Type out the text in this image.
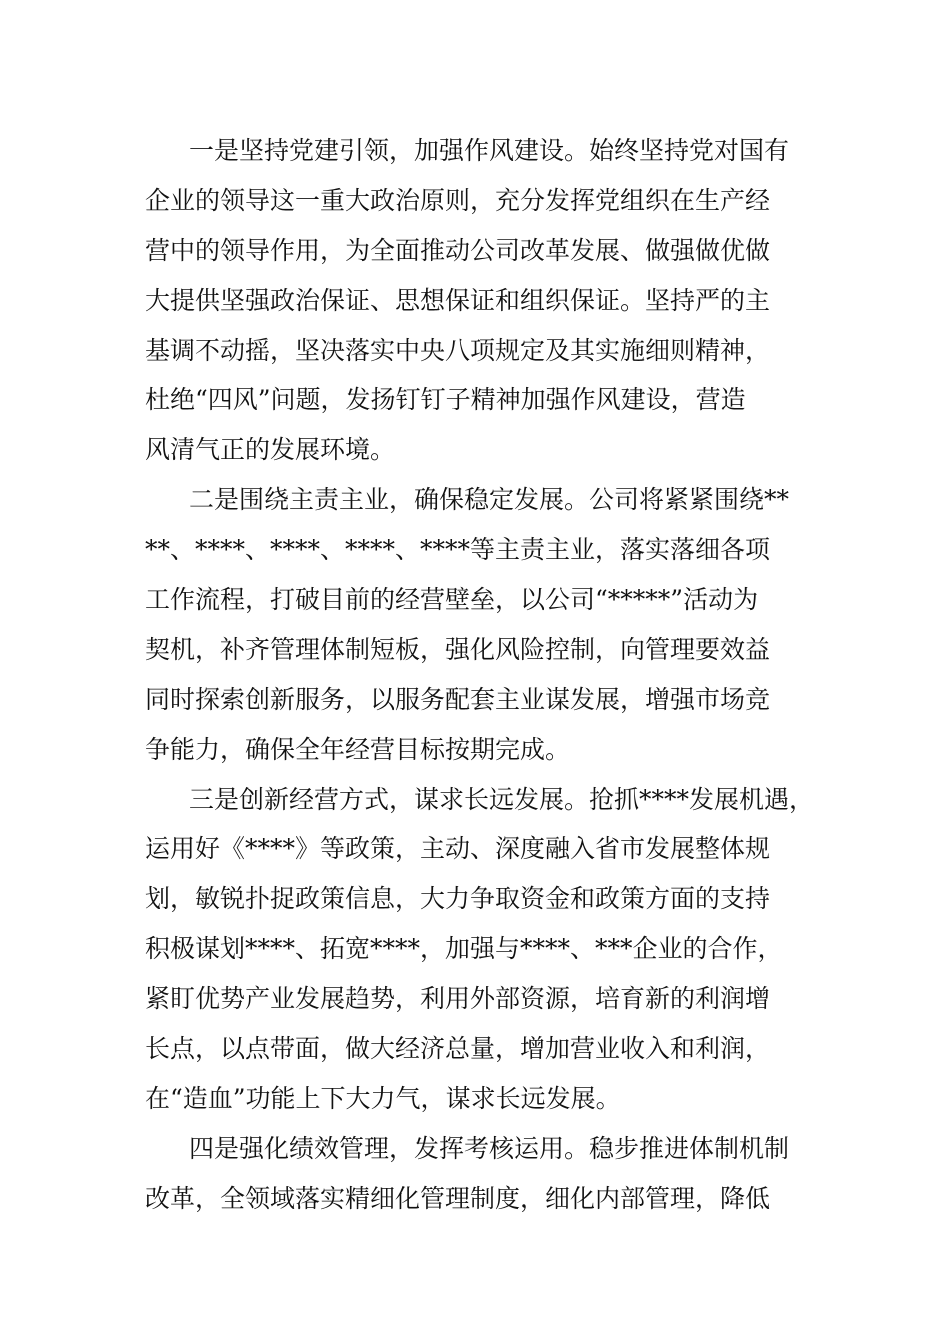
一是坚持党建引领，加强作风建设。始终坚持党对国有
企业的领导这一重大政治原则，充分发挥党组织在生产经
营中的领导作用，为全面推动公司改革发展、做强做优做
大提供坚强政治保证、思想保证和组织保证。坚持严的主
基调不动摇，坚决落实中央八项规定及其实施细则精神，
杜绝“四风”问题，发扬钉钉子精神加强作风建设，营造
风清气正的发展环境。
二是围绕主责主业，确保稳定发展。公司将紧紧围绕**
**、****、****、****、****等主责主业，落实落细各项
工作流程，打破目前的经营壁垒，以公司“*****”活动为
契机，补齐管理体制短板，强化风险控制，向管理要效益
同时探索创新服务，以服务配套主业谋发展，增强市场竞
争能力，确保全年经营目标按期完成。
三是创新经营方式，谋求长远发展。抢抓****发展机遇，
运用好《****》等政策，主动、深度融入省市发展整体规
划，敏锐扑捉政策信息，大力争取资金和政策方面的支持
积极谋划****、拓宽****，加强与****、***企业的合作，
紧盯优势产业发展趋势，利用外部资源，培育新的利润增
长点，以点带面，做大经济总量，增加营业收入和利润，
在“造血”功能上下大力气，谋求长远发展。
四是强化绩效管理，发挥考核运用。稳步推进体制机制
改革，全领域落实精细化管理制度，细化内部管理，降低
